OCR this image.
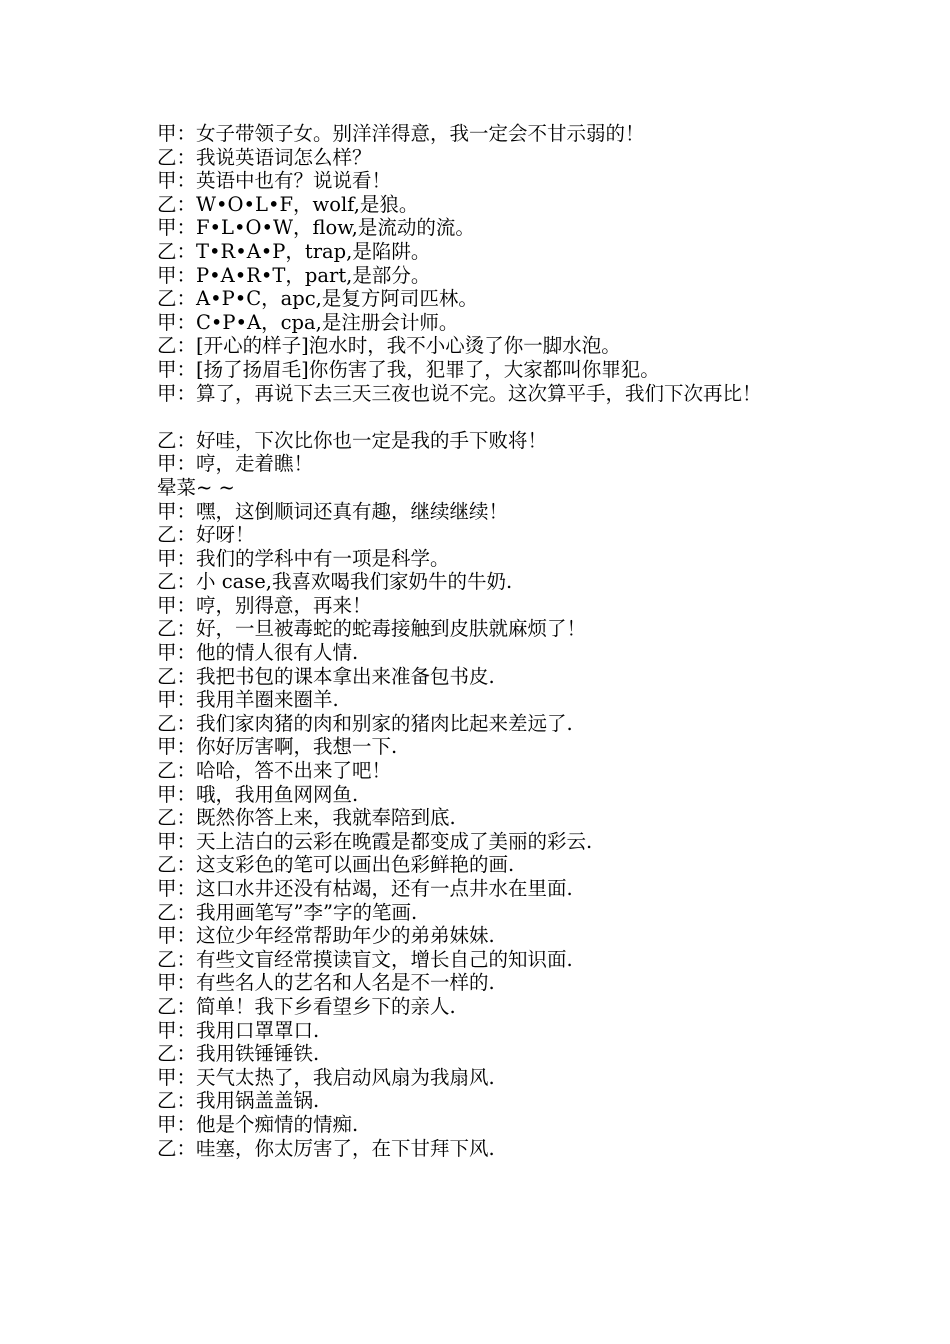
甲：女子带领子女。别洋洋得意，我一定会不甘示弱的！
乙：我说英语词怎么样？
甲：英语中也有？说说看！
乙：W•O•L•F，wolf,是狼。
甲：F•L•O•W，flow,是流动的流。
乙：T•R•A•P，trap,是陷阱。
甲：P•A•R•T，part,是部分。
乙：A•P•C，apc,是复方阿司匹林。
甲：C•P•A，cpa,是注册会计师。
乙：[开心的样子]泡水时，我不小心烫了你一脚水泡。
甲：[扬了扬眉毛]你伤害了我，犯罪了，大家都叫你罪犯。
甲：算了，再说下去三天三夜也说不完。这次算平手，我们下次再比！
乙：好哇，下次比你也一定是我的手下败将！
甲：哼，走着瞧！
晕菜~ ~
甲：嘿，这倒顺词还真有趣，继续继续！
乙：好呀！
甲：我们的学科中有一项是科学。
乙：小 case,我喜欢喝我们家奶牛的牛奶.
甲：哼，别得意，再来！
乙：好，一旦被毒蛇的蛇毒接触到皮肤就麻烦了！
甲：他的情人很有人情.
乙：我把书包的课本拿出来准备包书皮.
甲：我用羊圈来圈羊.
乙：我们家肉猪的肉和别家的猪肉比起来差远了.
甲：你好厉害啊，我想一下.
乙：哈哈，答不出来了吧！
甲：哦，我用鱼网网鱼.
乙：既然你答上来，我就奉陪到底.
甲：天上洁白的云彩在晚霞是都变成了美丽的彩云.
乙：这支彩色的笔可以画出色彩鲜艳的画.
甲：这口水井还没有枯竭，还有一点井水在里面.
乙：我用画笔写”李”字的笔画.
甲：这位少年经常帮助年少的弟弟妹妹.
乙：有些文盲经常摸读盲文，增长自己的知识面.
甲：有些名人的艺名和人名是不一样的.
乙：简单！我下乡看望乡下的亲人.
甲：我用口罩罩口.
乙：我用铁锤锤铁.
甲：天气太热了，我启动风扇为我扇风.
乙：我用锅盖盖锅.
甲：他是个痴情的情痴.
乙：哇塞，你太厉害了，在下甘拜下风.
